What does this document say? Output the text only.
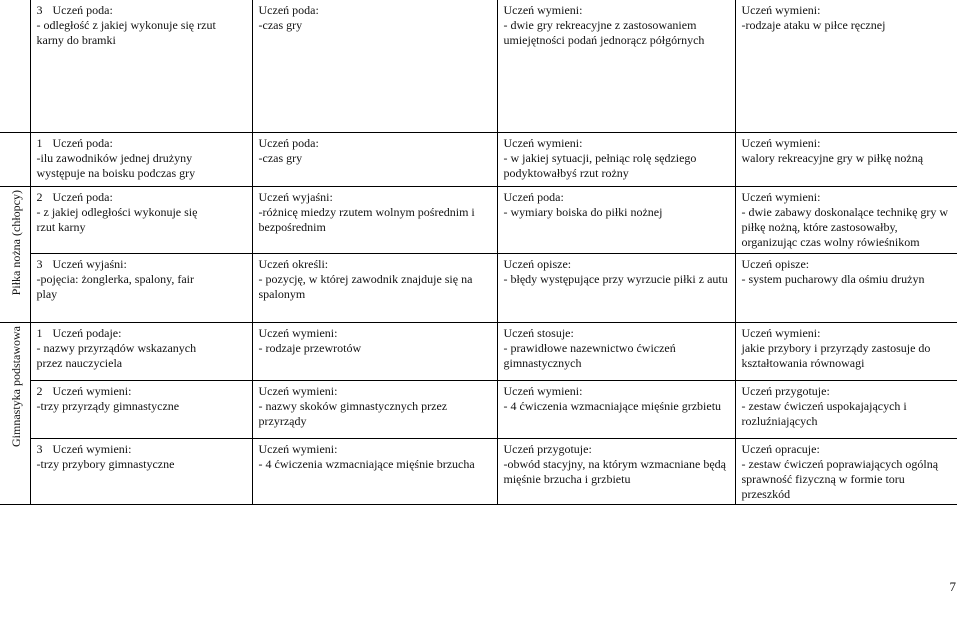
	3 Uczeń poda:
- odległość z jakiej wykonuje się rzut
karny do bramki	Uczeń poda:
-czas gry	Uczeń wymieni:
- dwie gry rekreacyjne z zastosowaniem
umiejętności podań jednorącz półgórnych	Uczeń wymieni:
-rodzaje ataku w piłce ręcznej

	1 Uczeń poda:
-ilu zawodników jednej drużyny
występuje na boisku podczas gry	Uczeń poda:
-czas gry	Uczeń wymieni:
- w jakiej sytuacji, pełniąc rolę sędziego
podyktowałbyś rzut rożny	Uczeń wymieni:
walory rekreacyjne gry w piłkę nożną

Piłka nożna (chłopcy)	2 Uczeń poda:
- z jakiej odległości wykonuje się
rzut karny	Uczeń wyjaśni:
-różnicę miedzy rzutem wolnym pośrednim i
bezpośrednim	Uczeń poda:
- wymiary boiska do piłki nożnej	Uczeń wymieni:
- dwie zabawy doskonalące technikę gry w
piłkę nożną, które zastosowałby,
organizując czas wolny rówieśnikom

	3 Uczeń wyjaśni:
-pojęcia: żonglerka, spalony, fair
play	Uczeń określi:
- pozycję, w której zawodnik znajduje się na
spalonym	Uczeń opisze:
- błędy występujące przy wyrzucie piłki z autu	Uczeń opisze:
- system pucharowy dla ośmiu drużyn

Gimnastyka podstawowa	1 Uczeń podaje:
- nazwy przyrządów wskazanych
przez nauczyciela	Uczeń wymieni:
- rodzaje przewrotów	Uczeń stosuje:
- prawidłowe nazewnictwo ćwiczeń
gimnastycznych	Uczeń wymieni:
jakie przybory i przyrządy zastosuje do
kształtowania równowagi

	2 Uczeń wymieni:
-trzy przyrządy gimnastyczne	Uczeń wymieni:
- nazwy skoków gimnastycznych przez
przyrządy	Uczeń wymieni:
- 4 ćwiczenia wzmacniające mięśnie grzbietu	Uczeń przygotuje:
- zestaw ćwiczeń uspokajających i
rozluźniających

	3 Uczeń wymieni:
-trzy przybory gimnastyczne	Uczeń wymieni:
- 4 ćwiczenia wzmacniające mięśnie brzucha	Uczeń przygotuje:
-obwód stacyjny, na którym wzmacniane będą
mięśnie brzucha i grzbietu	Uczeń opracuje:
- zestaw ćwiczeń poprawiających ogólną
sprawność fizyczną w formie toru
przeszkód
7
